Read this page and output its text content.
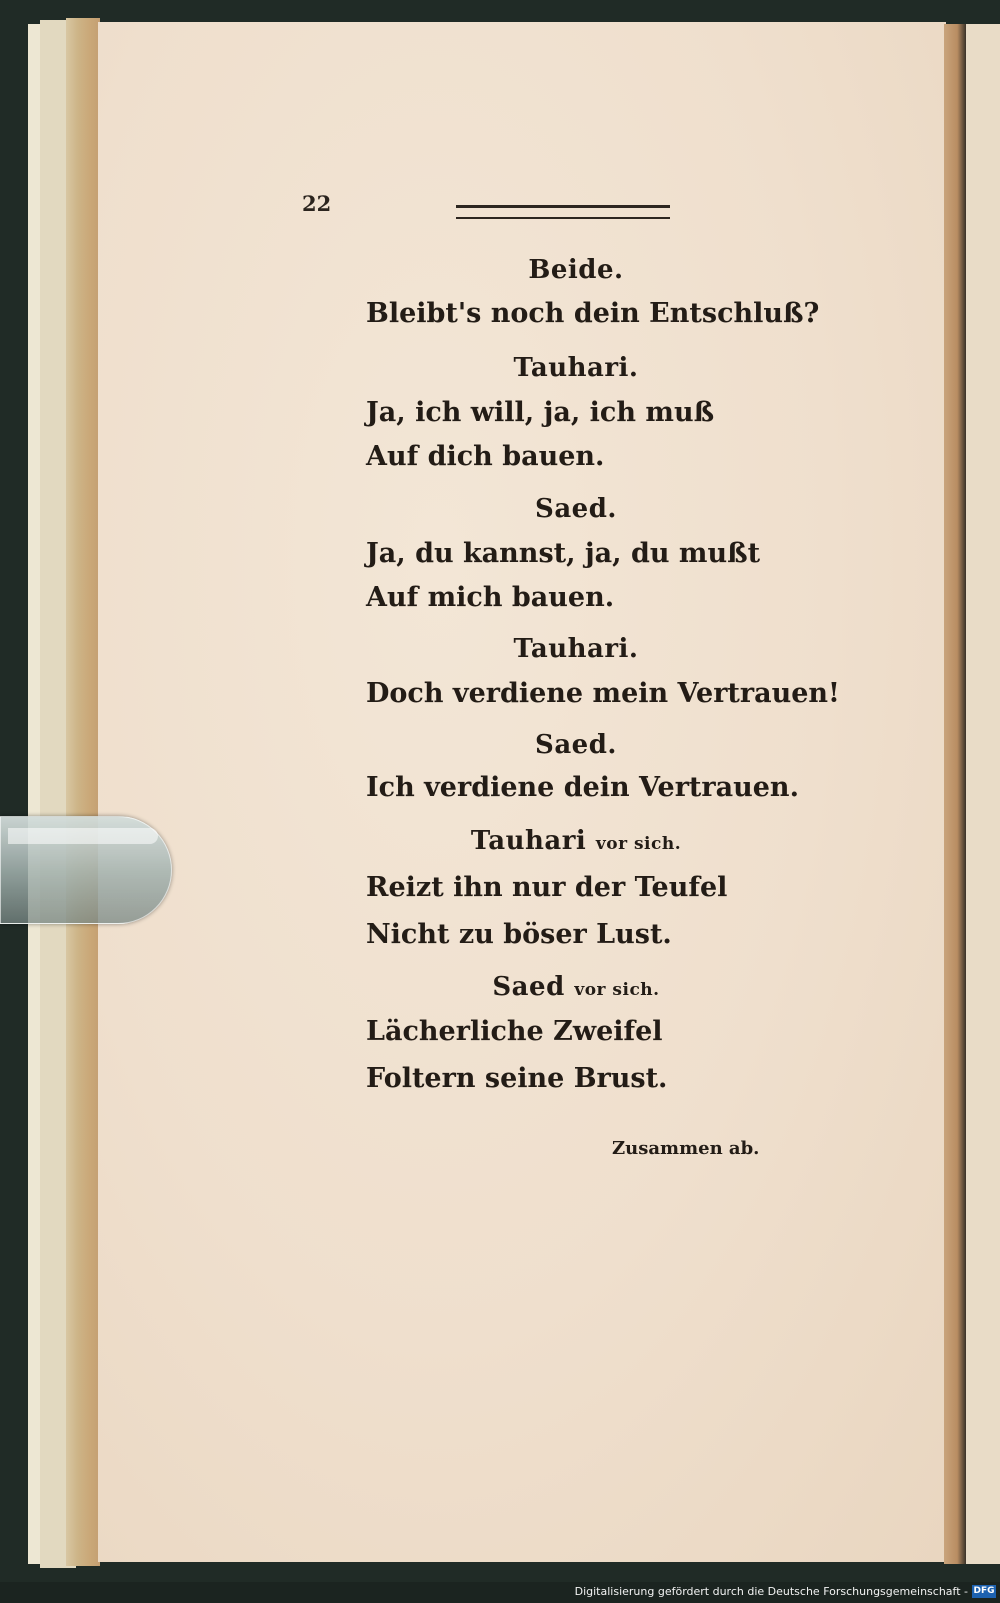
22
Beide.
Bleibt's noch dein Entschluß?
Tauhari.
Ja, ich will, ja, ich muß
Auf dich bauen.
Saed.
Ja, du kannst, ja, du mußt
Auf mich bauen.
Tauhari.
Doch verdiene mein Vertrauen!
Saed.
Ich verdiene dein Vertrauen.
Tauhari vor sich.
Reizt ihn nur der Teufel
Nicht zu böser Lust.
Saed vor sich.
Lächerliche Zweifel
Foltern seine Brust.
Zusammen ab.
Digitalisierung gefördert durch die Deutsche Forschungsgemeinschaft - DFG
